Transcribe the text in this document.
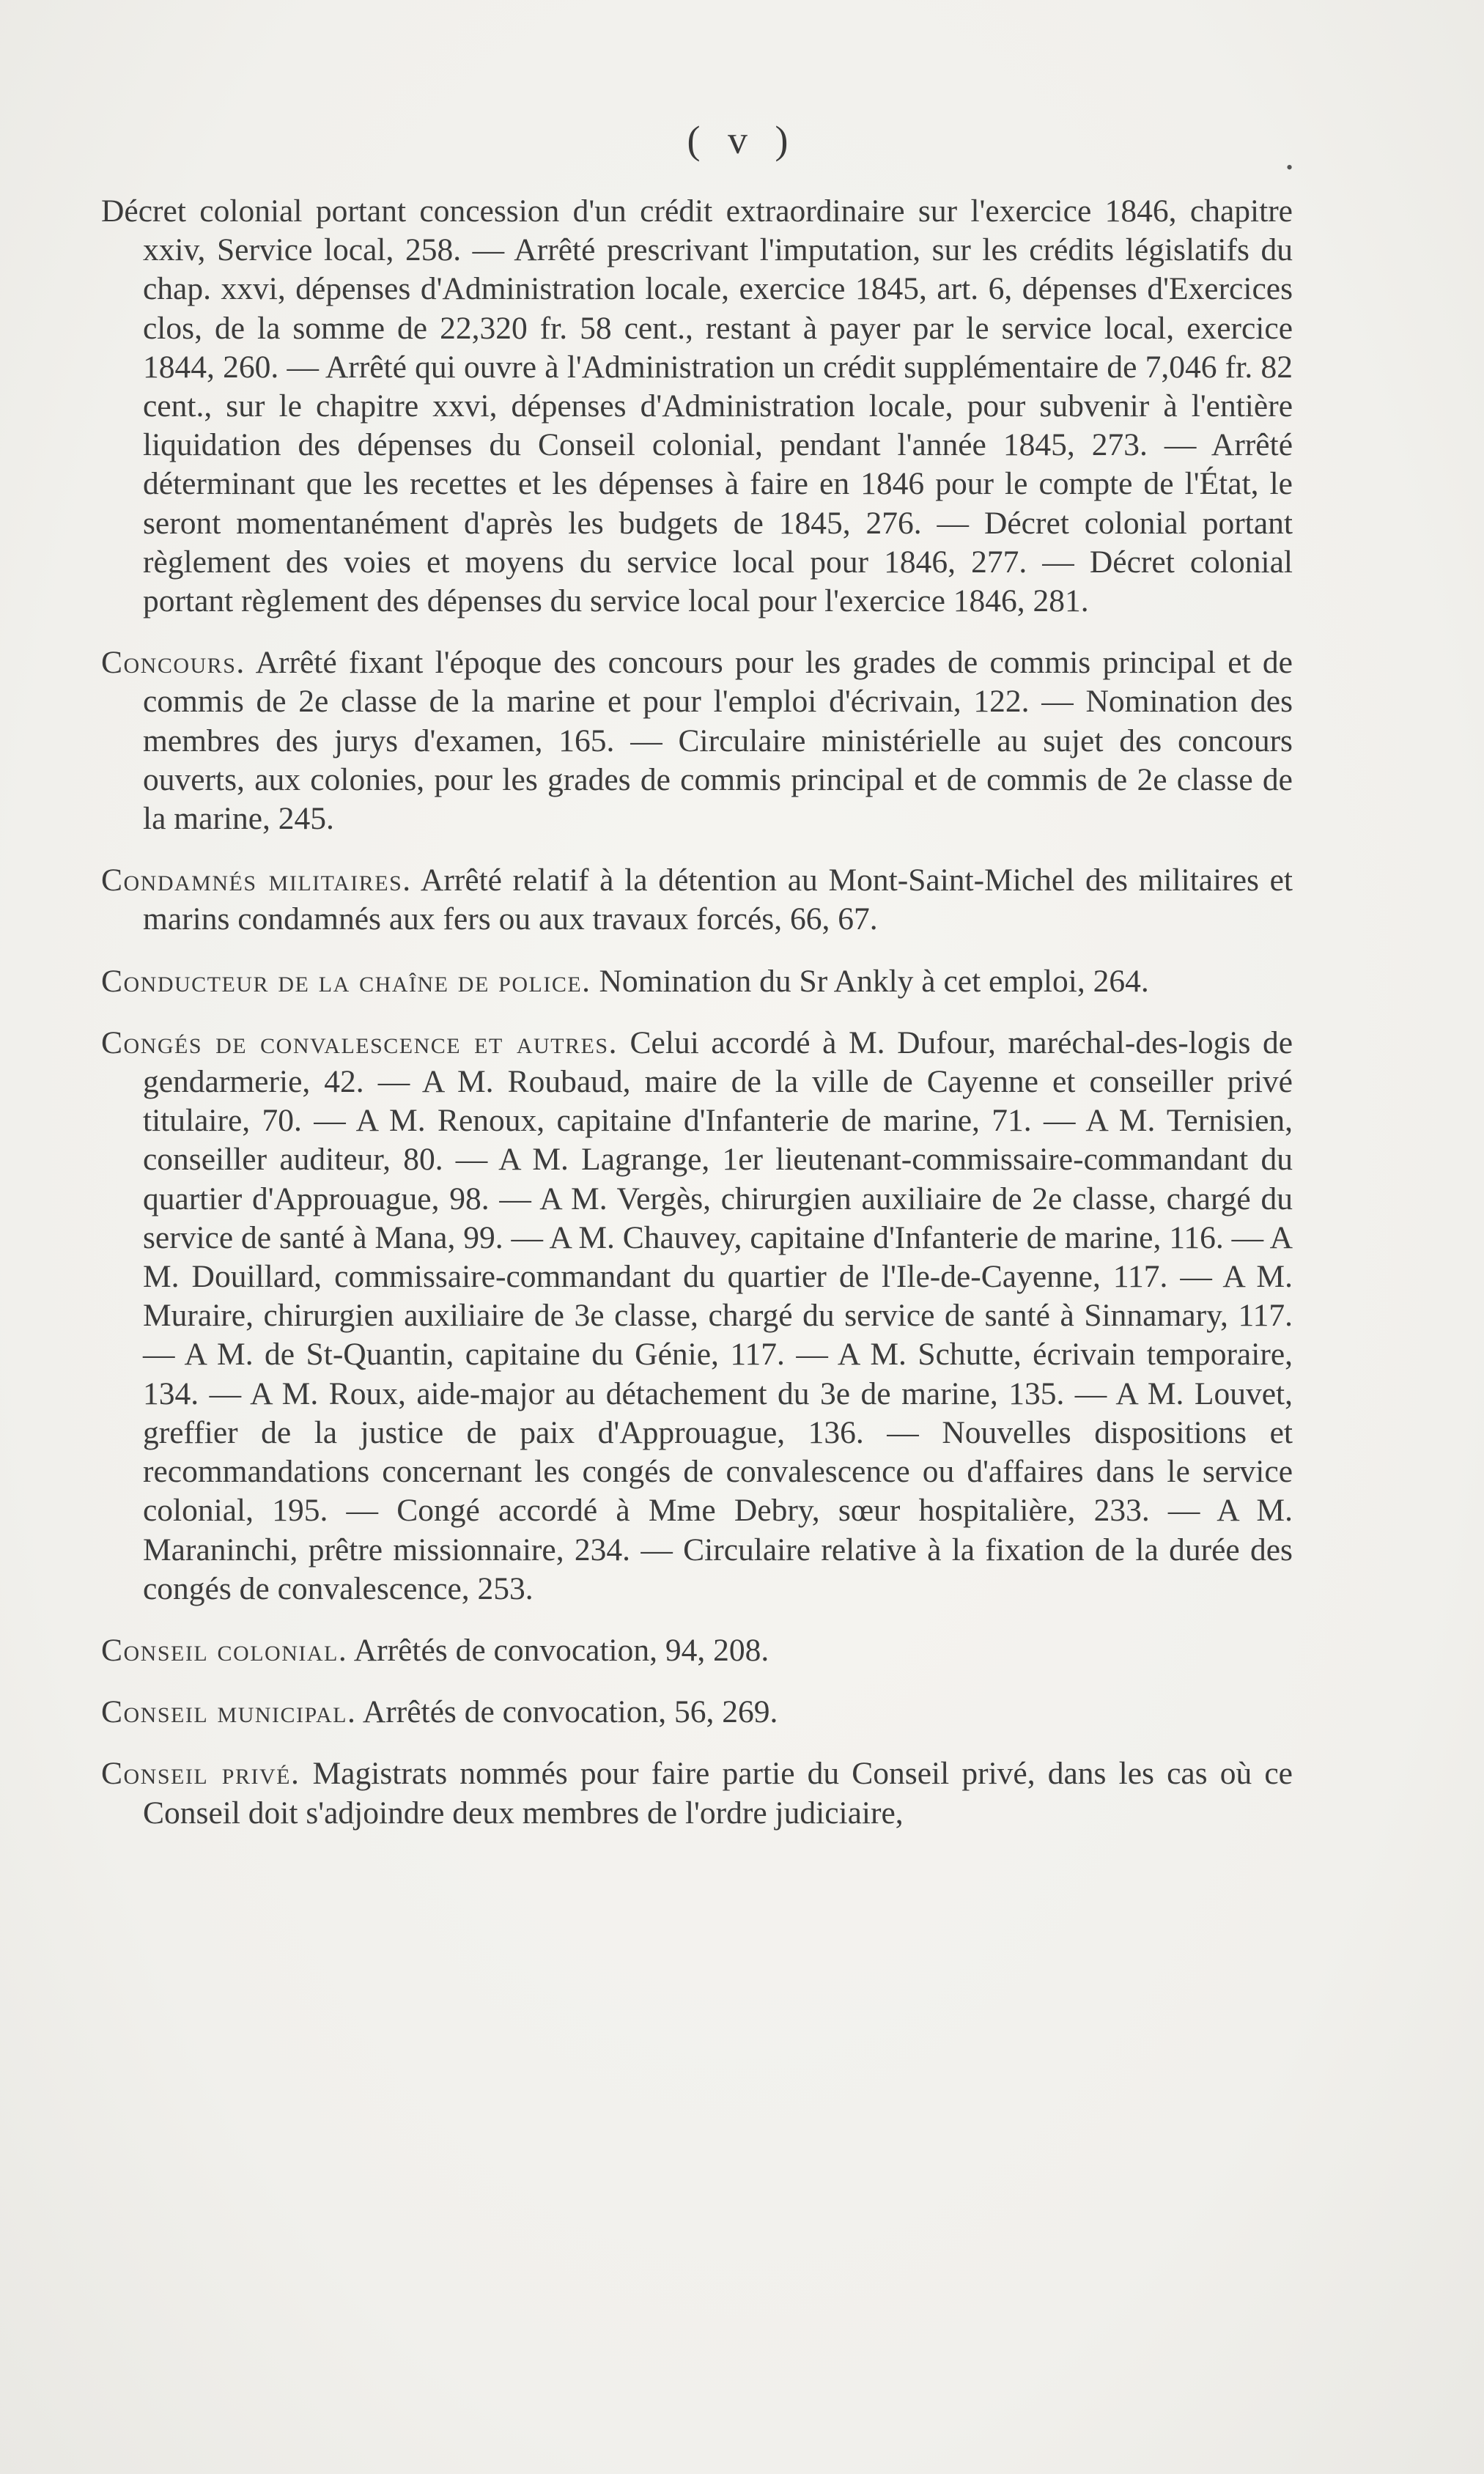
( v )
•

Décret colonial portant concession d'un crédit extraordinaire sur l'exercice 1846, chapitre xxiv, Service local, 258. — Arrêté prescrivant l'imputation, sur les crédits législatifs du chap. xxvi, dépenses d'Administration locale, exercice 1845, art. 6, dépenses d'Exercices clos, de la somme de 22,320 fr. 58 cent., restant à payer par le service local, exercice 1844, 260. — Arrêté qui ouvre à l'Administration un crédit supplémentaire de 7,046 fr. 82 cent., sur le chapitre xxvi, dépenses d'Administration locale, pour subvenir à l'entière liquidation des dépenses du Conseil colonial, pendant l'année 1845, 273. — Arrêté déterminant que les recettes et les dépenses à faire en 1846 pour le compte de l'État, le seront momentanément d'après les budgets de 1845, 276. — Décret colonial portant règlement des voies et moyens du service local pour 1846, 277. — Décret colonial portant règlement des dépenses du service local pour l'exercice 1846, 281.

Concours. Arrêté fixant l'époque des concours pour les grades de commis principal et de commis de 2e classe de la marine et pour l'emploi d'écrivain, 122. — Nomination des membres des jurys d'examen, 165. — Circulaire ministérielle au sujet des concours ouverts, aux colonies, pour les grades de commis principal et de commis de 2e classe de la marine, 245.

Condamnés militaires. Arrêté relatif à la détention au Mont-Saint-Michel des militaires et marins condamnés aux fers ou aux travaux forcés, 66, 67.

Conducteur de la chaîne de police. Nomination du Sr Ankly à cet emploi, 264.

Congés de convalescence et autres. Celui accordé à M. Dufour, maréchal-des-logis de gendarmerie, 42. — A M. Roubaud, maire de la ville de Cayenne et conseiller privé titulaire, 70. — A M. Renoux, capitaine d'Infanterie de marine, 71. — A M. Ternisien, conseiller auditeur, 80. — A M. Lagrange, 1er lieutenant-commissaire-commandant du quartier d'Approuague, 98. — A M. Vergès, chirurgien auxiliaire de 2e classe, chargé du service de santé à Mana, 99. — A M. Chauvey, capitaine d'Infanterie de marine, 116. — A M. Douillard, commissaire-commandant du quartier de l'Ile-de-Cayenne, 117. — A M. Muraire, chirurgien auxiliaire de 3e classe, chargé du service de santé à Sinnamary, 117. — A M. de St-Quantin, capitaine du Génie, 117. — A M. Schutte, écrivain temporaire, 134. — A M. Roux, aide-major au détachement du 3e de marine, 135. — A M. Louvet, greffier de la justice de paix d'Approuague, 136. — Nouvelles dispositions et recommandations concernant les congés de convalescence ou d'affaires dans le service colonial, 195. — Congé accordé à Mme Debry, sœur hospitalière, 233. — A M. Maraninchi, prêtre missionnaire, 234. — Circulaire relative à la fixation de la durée des congés de convalescence, 253.

Conseil colonial. Arrêtés de convocation, 94, 208.

Conseil municipal. Arrêtés de convocation, 56, 269.

Conseil privé. Magistrats nommés pour faire partie du Conseil privé, dans les cas où ce Conseil doit s'adjoindre deux membres de l'ordre judiciaire,
